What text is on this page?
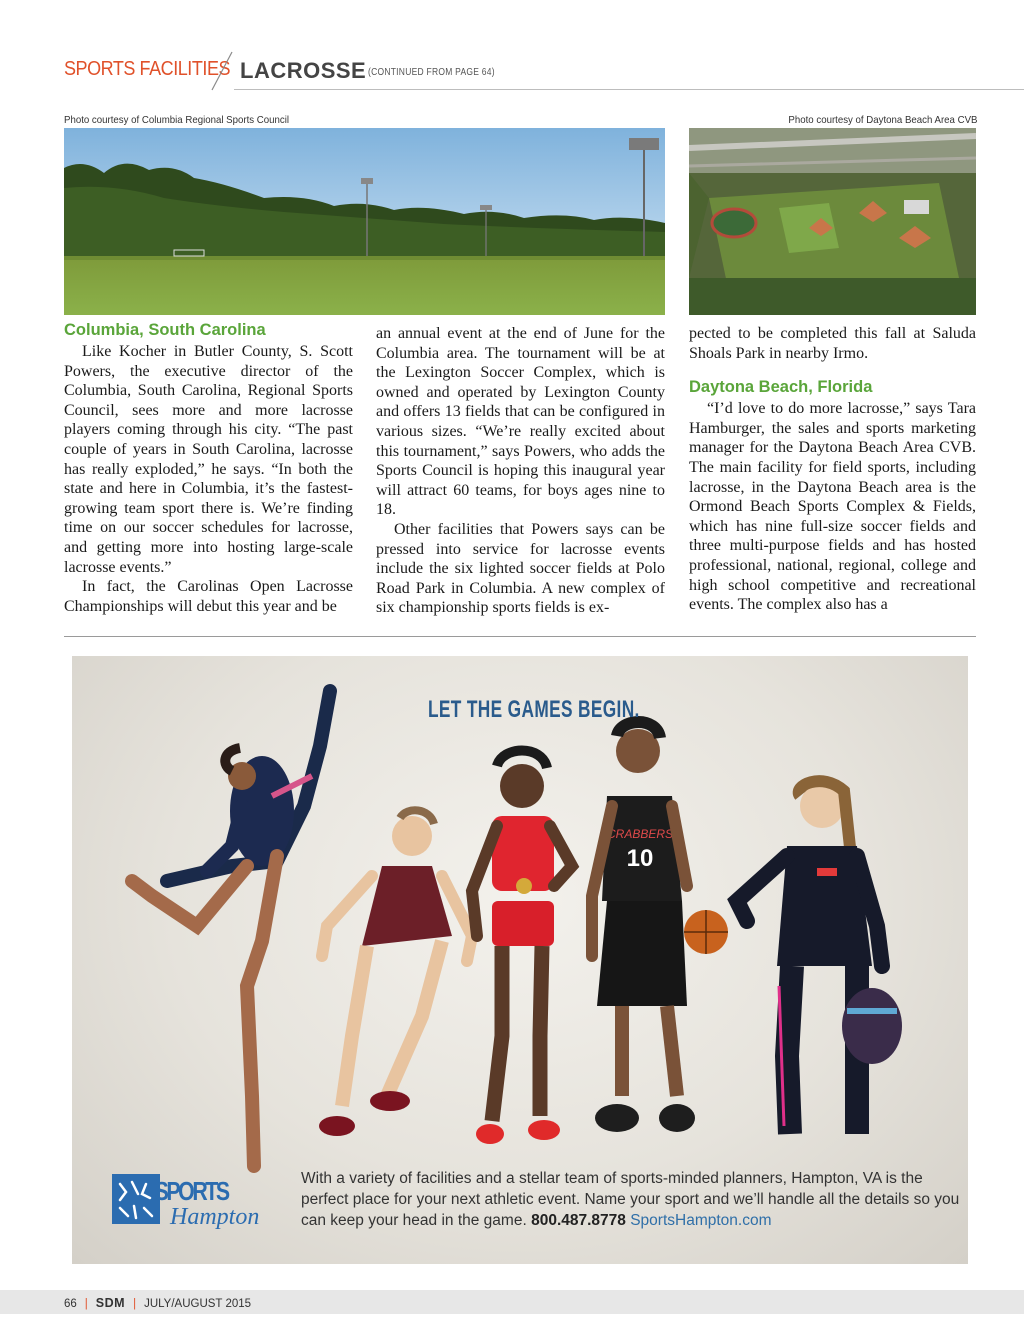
SPORTS FACILITIES LACROSSE (CONTINUED FROM PAGE 64)
Photo courtesy of Columbia Regional Sports Council	Photo courtesy of Daytona Beach Area CVB
Columbia, South Carolina

Like Kocher in Butler County, S. Scott Powers, the executive director of the Columbia, South Carolina, Regional Sports Council, sees more and more lacrosse players coming through his city. “The past couple of years in South Carolina, lacrosse has really exploded,” he says. “In both the state and here in Columbia, it’s the fastest-growing team sport there is. We’re finding time on our soccer schedules for lacrosse, and getting more into hosting large-scale lacrosse events.”

In fact, the Carolinas Open Lacrosse Championships will debut this year and be

an annual event at the end of June for the Columbia area. The tournament will be at the Lexington Soccer Complex, which is owned and operated by Lexington County and offers 13 fields that can be configured in various sizes. “We’re really excited about this tournament,” says Powers, who adds the Sports Council is hoping this inaugural year will attract 60 teams, for boys ages nine to 18.

Other facilities that Powers says can be pressed into service for lacrosse events include the six lighted soccer fields at Polo Road Park in Columbia. A new complex of six championship sports fields is ex-

pected to be completed this fall at Saluda Shoals Park in nearby Irmo.

Daytona Beach, Florida

“I’d love to do more lacrosse,” says Tara Hamburger, the sales and sports marketing manager for the Daytona Beach Area CVB. The main facility for field sports, including lacrosse, in the Daytona Beach area is the Ormond Beach Sports Complex & Fields, which has nine full-size soccer fields and three multi-purpose fields and has hosted professional, national, regional, college and high school competitive and recreational events. The complex also has a

CRABBERS
10
LET THE GAMES BEGIN.
SPORTS
Hampton
With a variety of facilities and a stellar team of sports-minded planners, Hampton, VA is the perfect place for your next athletic event. Name your sport and we’ll handle all the details so you can keep your head in the game. 800.487.8778 SportsHampton.com
66 | SDM | JULY/AUGUST 2015
